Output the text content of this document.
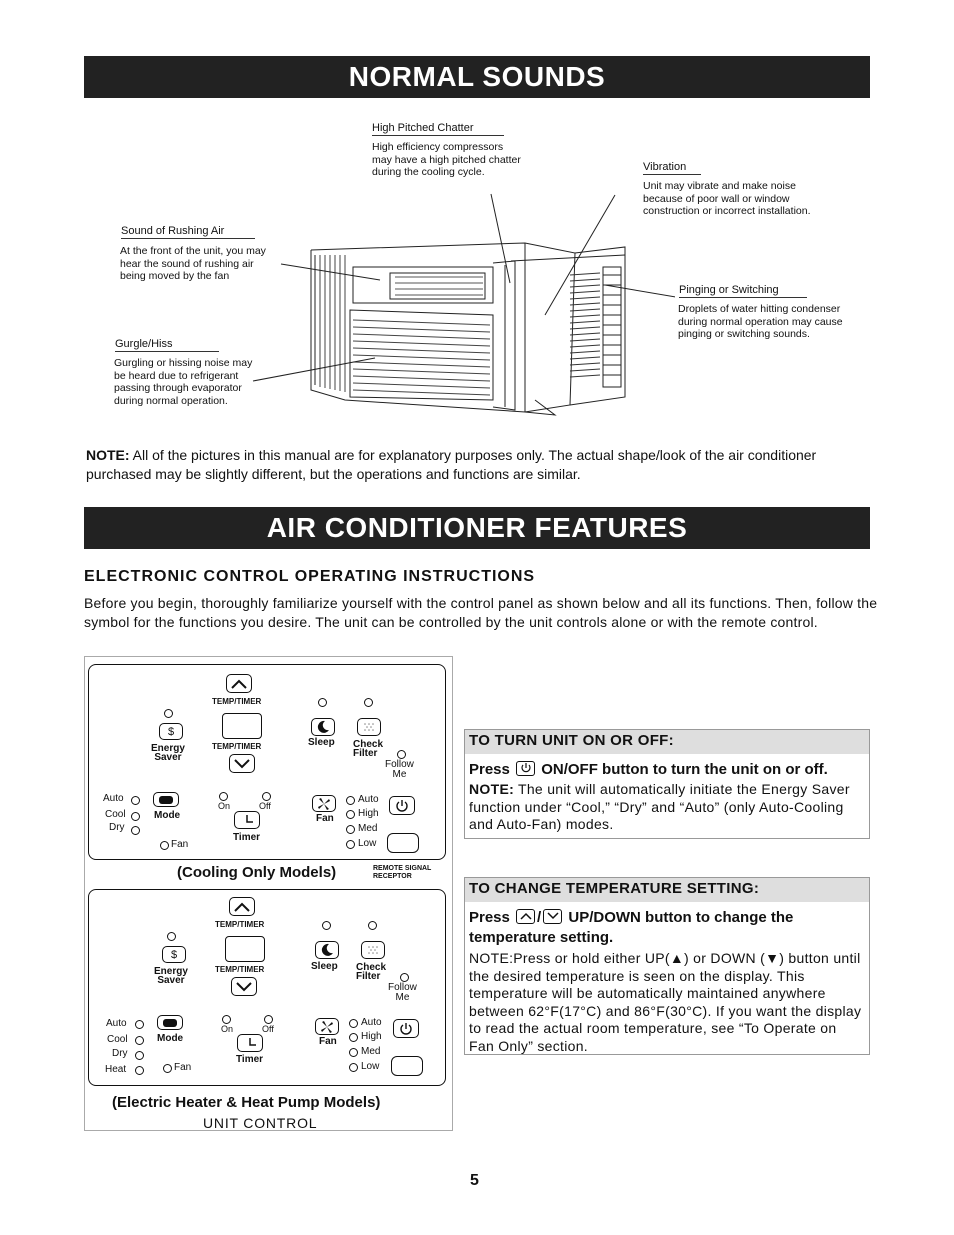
NORMAL SOUNDS
High Pitched Chatter
High efficiency compressors
may have a high pitched chatter
during the cooling cycle.	Vibration
Unit may vibrate and make noise
because of poor wall or window
construction or incorrect installation.
Sound of Rushing Air
At the front of the unit, you may
hear the sound of rushing air
being moved by the fan
Pinging or Switching
Droplets of water hitting condenser
during normal operation may cause
pinging or switching sounds.
Gurgle/Hiss
Gurgling or hissing noise may
be heard due to refrigerant
passing through evaporator
during normal operation.
NOTE: All of the pictures in this manual are for explanatory purposes only. The actual shape/look of the air conditioner purchased may be slightly different, but the operations and functions are similar.
AIR CONDITIONER FEATURES
ELECTRONIC CONTROL OPERATING INSTRUCTIONS
Before you begin, thoroughly familiarize yourself with the control panel as shown below and all its functions. Then, follow the symbol for the functions you desire. The unit can be controlled by the unit controls alone or with the remote control.
TEMP/TIMER
TEMP/TIMER
$
Energy
Saver
Sleep Check
Filter
Follow
Me
Auto
Cool
Dry
Fan
Mode
On	Off
Timer
Fan
Auto
High
Med
Low
REMOTE SIGNAL
RECEPTOR
(Cooling Only Models)
TEMP/TIMER
TEMP/TIMER
$
Energy
Saver
Sleep Check
Filter
Follow
Me
Auto
Cool
Dry
Heat	Fan
Mode
On	Off
Timer
Fan
Auto
High
Med
Low
(Electric Heater & Heat Pump Models)
UNIT CONTROL
TO TURN UNIT ON OR OFF:
Press
ON/OFF button to turn the unit on or off.
NOTE: The unit will automatically initiate the Energy Saver function under “Cool,” “Dry” and “Auto” (only Auto-Cooling and Auto-Fan) modes.
TO CHANGE TEMPERATURE SETTING:
Press /
UP/DOWN button to change the temperature setting.
NOTE:Press or hold either UP(▲) or DOWN (▼) button until the desired temperature is seen on the display. This temperature will be automatically maintained anywhere between 62°F(17°C) and 86°F(30°C). If you want the display to read the actual room temperature, see “To Operate on Fan Only” section.
5
